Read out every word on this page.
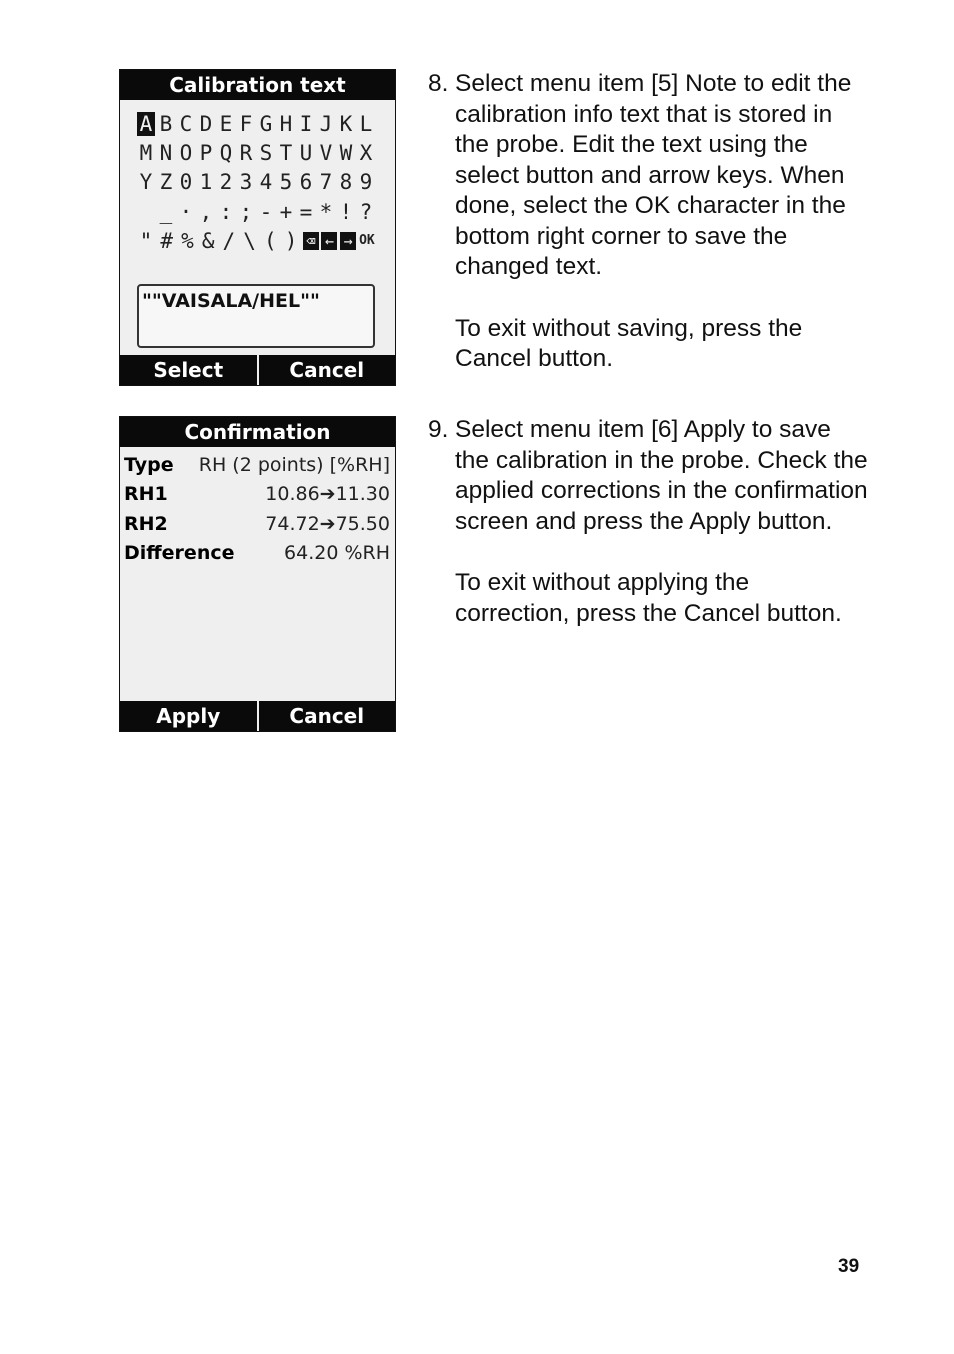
Calibration text
A B C D E F G H I J K L
M N O P Q R S T U V W X
Y Z 0 1 2 3 4 5 6 7 8 9
_ · , : ; - + = * ! ?
" # % & / \ ( ) ⌫ ← → OK
""VAISALA/HEL""
Select	Cancel
Confirmation
Type RH (2 points) [%RH]
RH1	10.86➔11.30
RH2	74.72➔75.50
Difference	64.20 %RH
Apply	Cancel
8. Select menu item [5] Note to edit the calibration info text that is stored in the probe. Edit the text using the select button and arrow keys. When done, select the OK character in the bottom right corner to save the changed text.

To exit without saving, press the Cancel button.

9. Select menu item [6] Apply to save the calibration in the probe. Check the applied corrections in the confirmation screen and press the Apply button.

To exit without applying the correction, press the Cancel button.

39
